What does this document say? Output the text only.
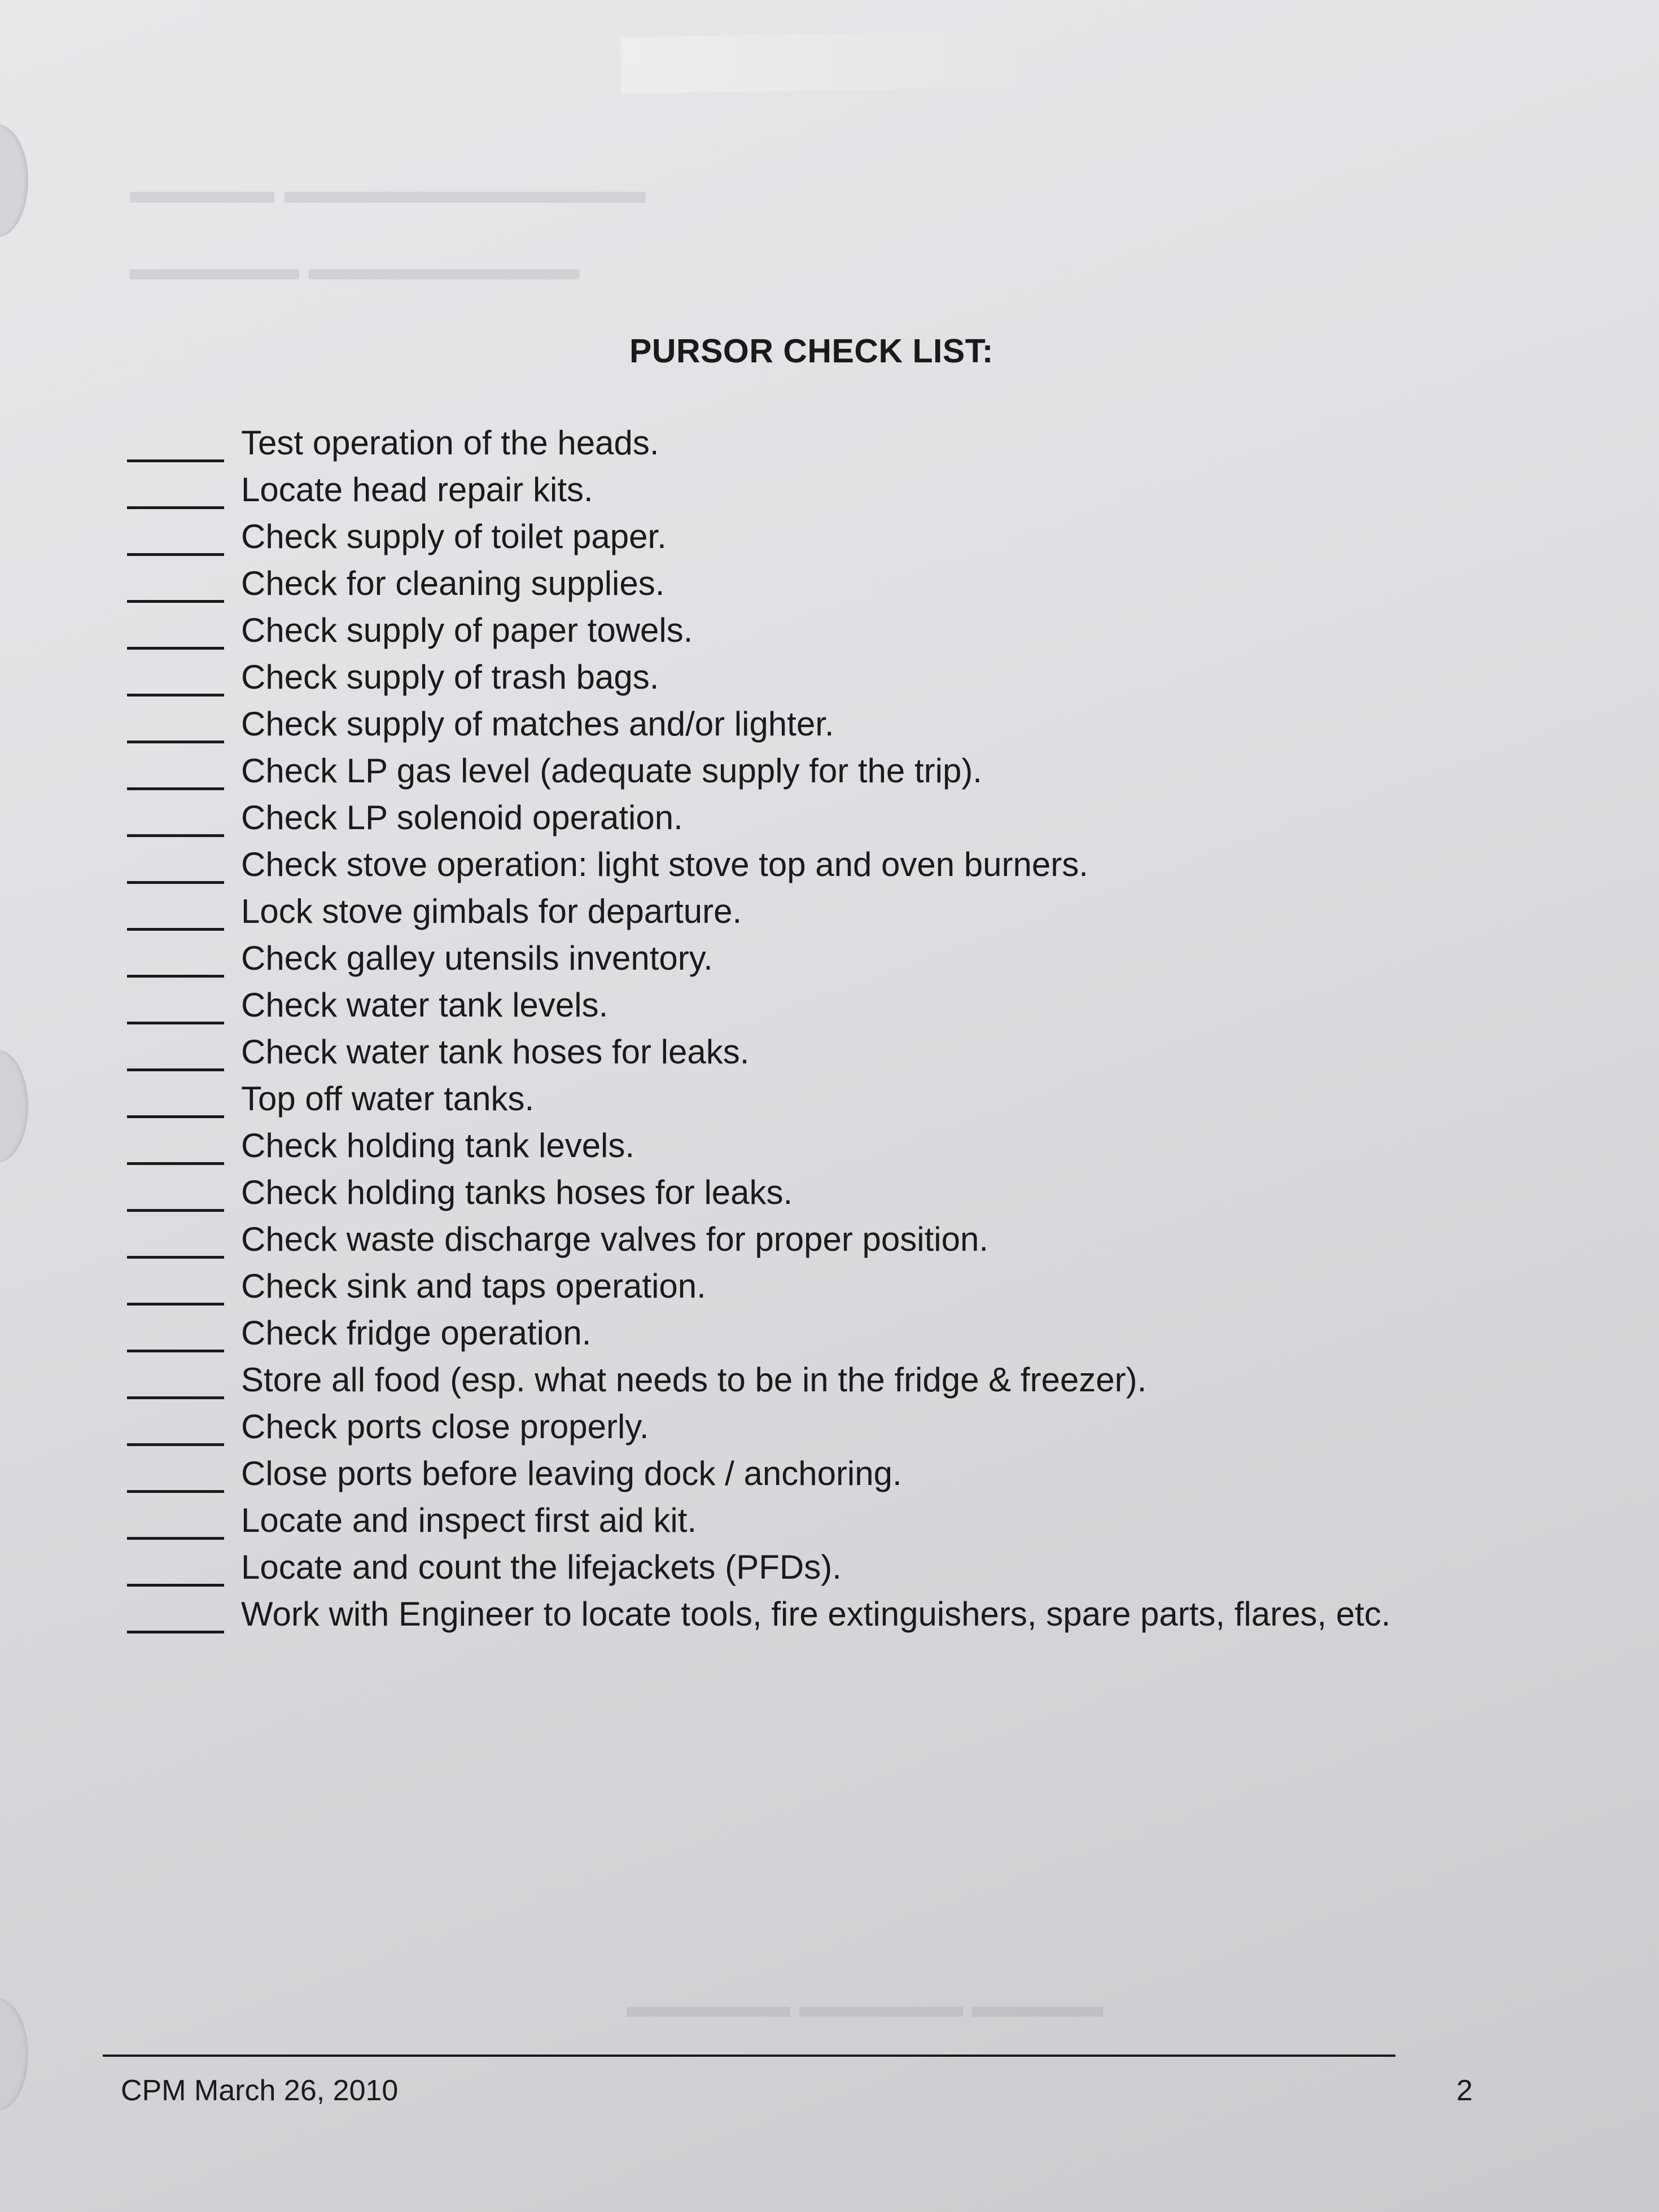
▬▬▬▬ ▬▬▬▬▬▬▬▬▬▬
▬▬▬▬▬ ▬▬▬▬▬▬▬▬
▬▬▬▬▬ ▬▬▬▬▬ ▬▬▬▬
PURSOR CHECK LIST:
Test operation of the heads.
Locate head repair kits.
Check supply of toilet paper.
Check for cleaning supplies.
Check supply of paper towels.
Check supply of trash bags.
Check supply of matches and/or lighter.
Check LP gas level (adequate supply for the trip).
Check LP solenoid operation.
Check stove operation: light stove top and oven burners.
Lock stove gimbals for departure.
Check galley utensils inventory.
Check water tank levels.
Check water tank hoses for leaks.
Top off water tanks.
Check holding tank levels.
Check holding tanks hoses for leaks.
Check waste discharge valves for proper position.
Check sink and taps operation.
Check fridge operation.
Store all food (esp. what needs to be in the fridge & freezer).
Check ports close properly.
Close ports before leaving dock / anchoring.
Locate and inspect first aid kit.
Locate and count the lifejackets (PFDs).
Work with Engineer to locate tools, fire extinguishers, spare parts, flares, etc.
CPM March 26, 2010	2
